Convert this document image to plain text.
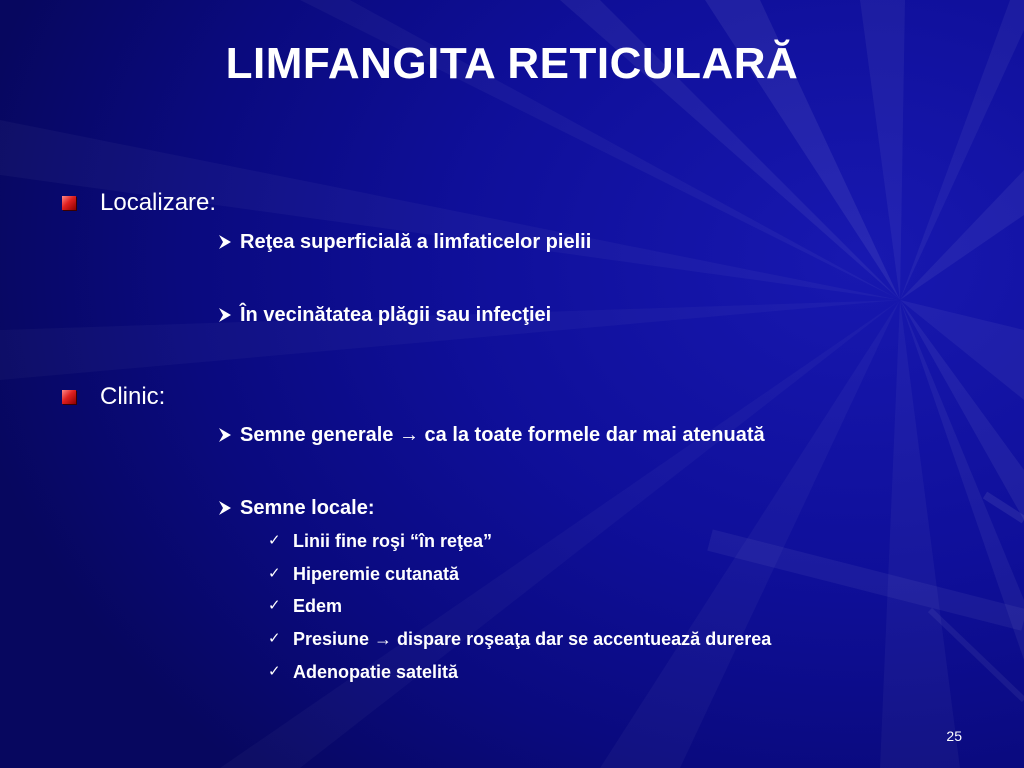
LIMFANGITA RETICULARĂ
Localizare:
Reţea superficială a limfaticelor pielii
În vecinătatea plăgii sau infecţiei
Clinic:
Semne generale → ca la toate formele dar mai atenuată
Semne locale:
✓ Linii fine roşi “în reţea”
✓ Hiperemie cutanată
✓ Edem
✓ Presiune → dispare roşeaţa dar se accentuează durerea
✓ Adenopatie satelită
25
